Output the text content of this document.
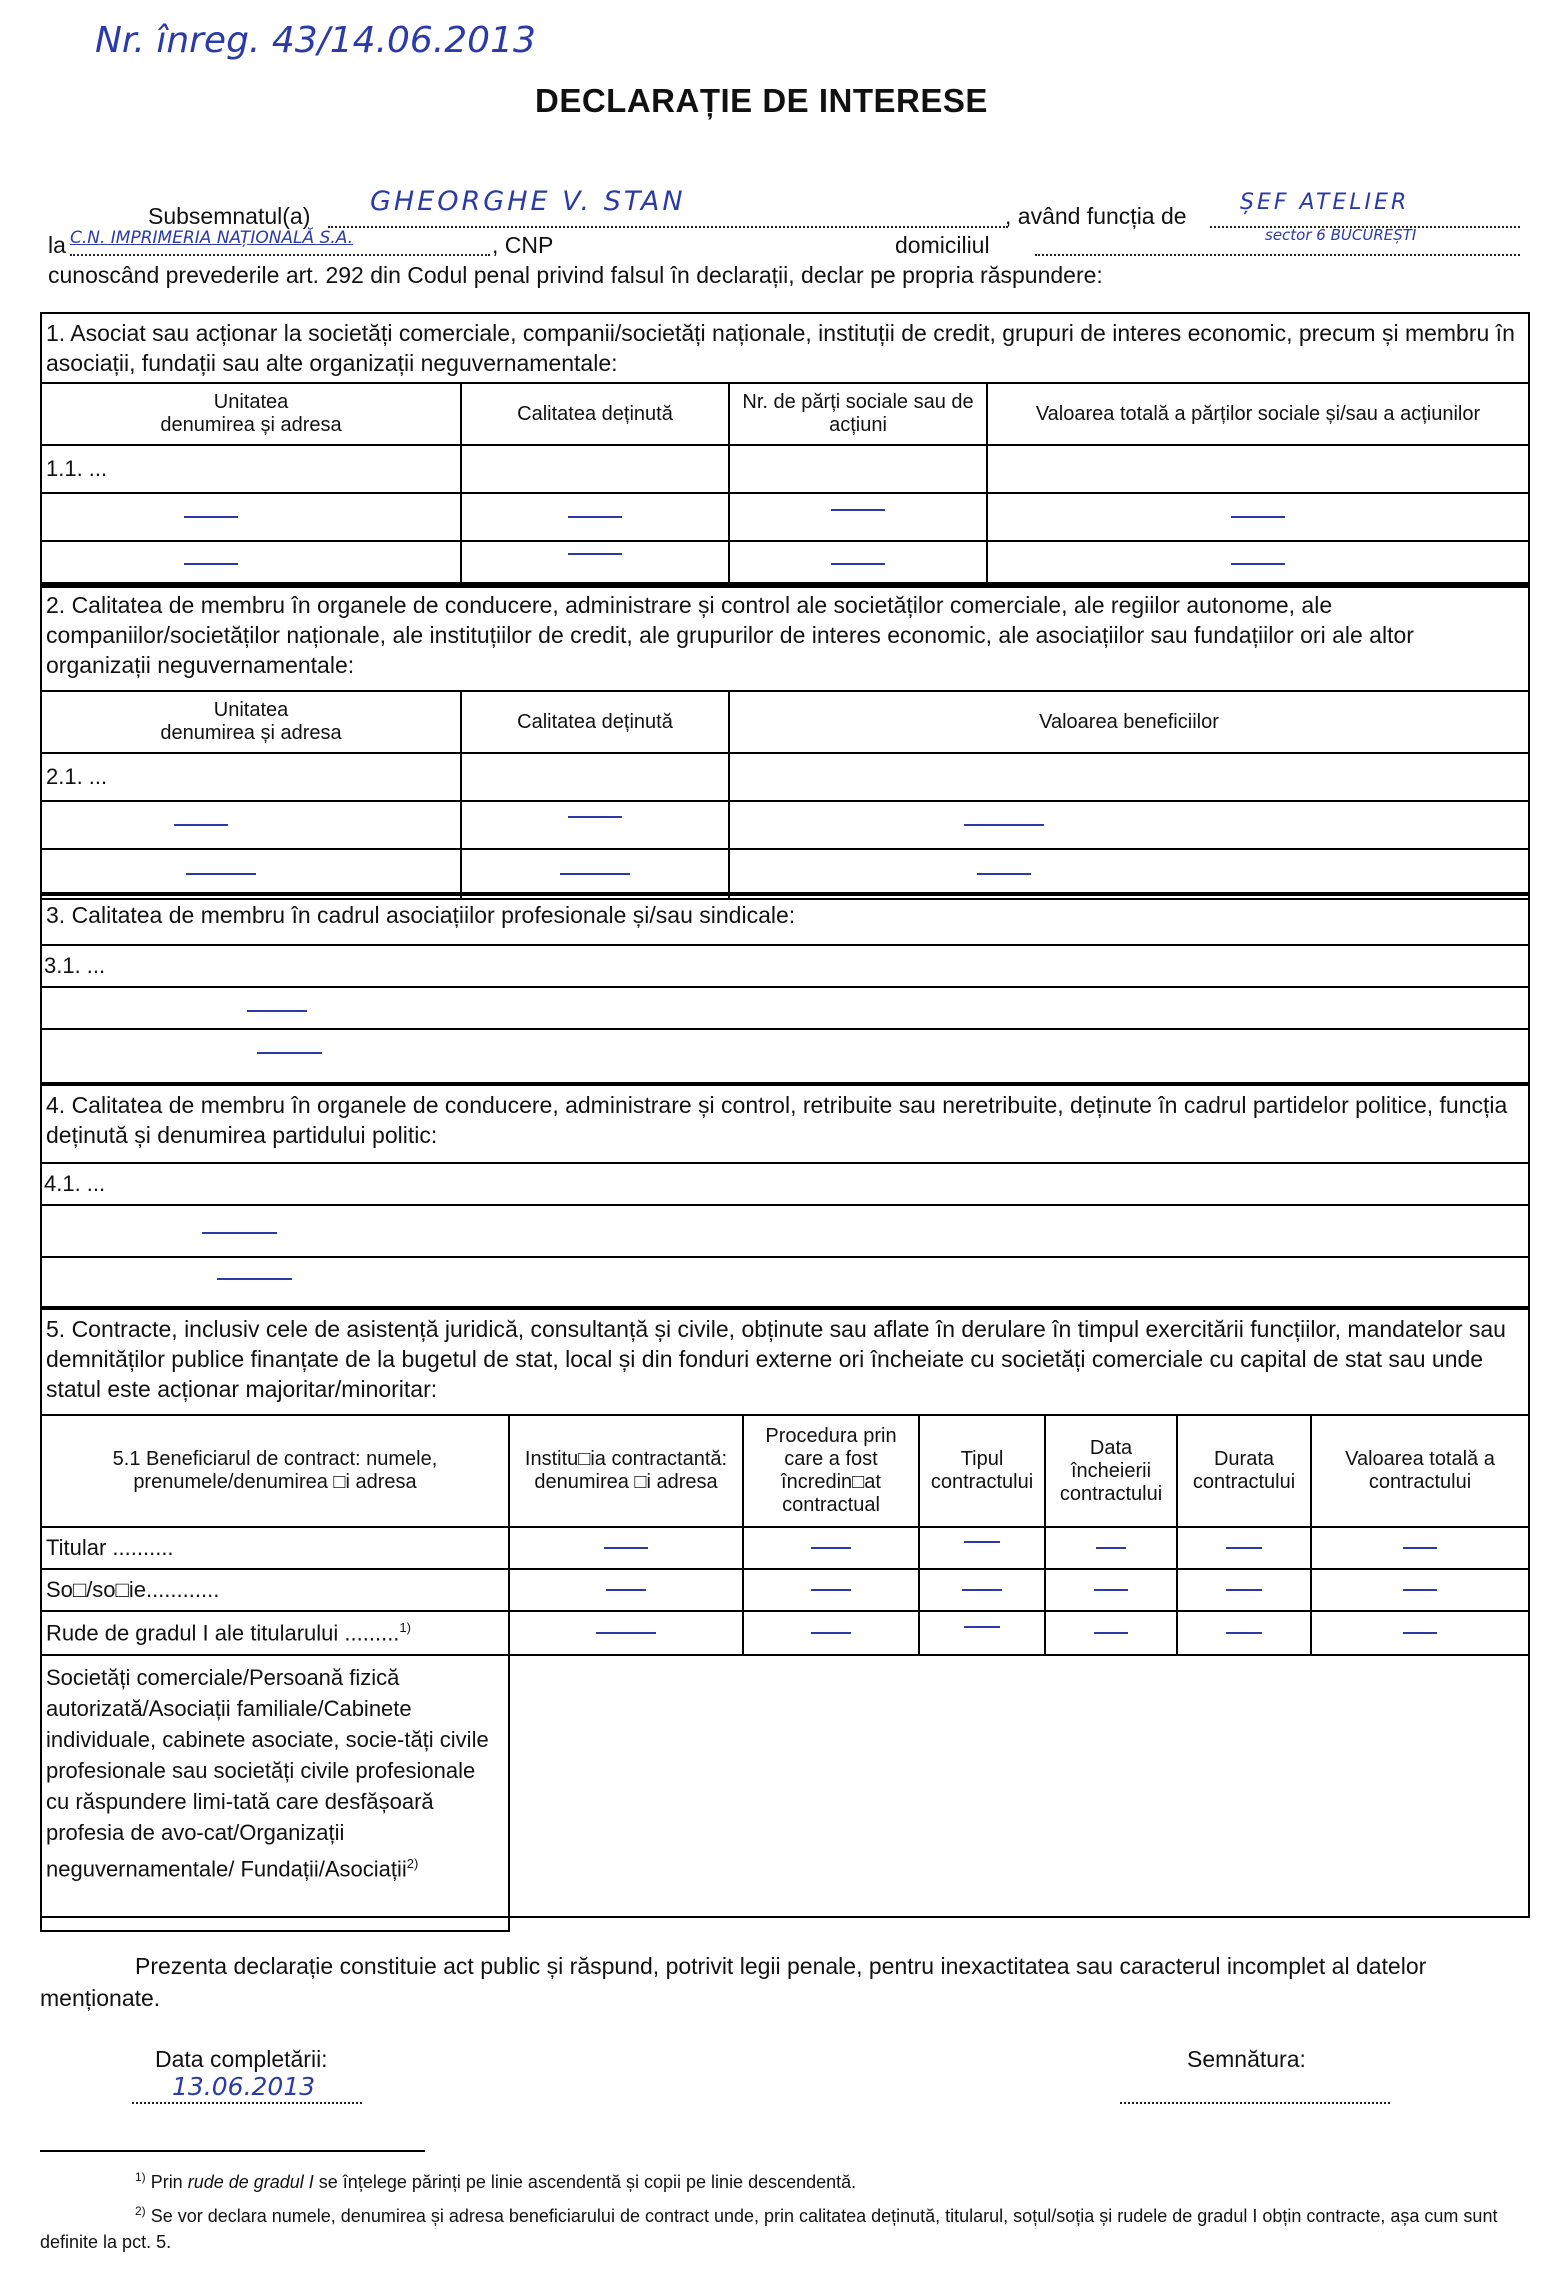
Nr. înreg. 43/14.06.2013
DECLARAȚIE DE INTERESE
Subsemnatul(a) GHEORGHE V. STAN	, având funcția de
ȘEF ATELIER
la C.N. IMPRIMERIA NAȚIONALĂ S.A.	, CNP	domiciliul	sector 6 BUCUREȘTI
cunoscând prevederile art. 292 din Codul penal privind falsul în declarații, declar pe propria răspundere:
1. Asociat sau acționar la societăți comerciale, companii/societăți naționale, instituții de credit, grupuri de interes economic, precum și membru în asociații, fundații sau alte organizații neguvernamentale:
Unitatea
denumirea și adresa	Calitatea deținută	Nr. de părți sociale sau de acțiuni	Valoarea totală a părților sociale și/sau a acțiunilor
1.1. ...			

2. Calitatea de membru în organele de conducere, administrare și control ale societăților comerciale, ale regiilor autonome, ale companiilor/societăților naționale, ale instituțiilor de credit, ale grupurilor de interes economic, ale asociațiilor sau fundațiilor ori ale altor organizații neguvernamentale:
Unitatea
denumirea și adresa	Calitatea deținută	Valoarea beneficiilor
2.1. ...		

3. Calitatea de membru în cadrul asociațiilor profesionale și/sau sindicale:
3.1. ...
4. Calitatea de membru în organele de conducere, administrare și control, retribuite sau neretribuite, deținute în cadrul partidelor politice, funcția deținută și denumirea partidului politic:
4.1. ...
5. Contracte, inclusiv cele de asistență juridică, consultanță și civile, obținute sau aflate în derulare în timpul exercitării funcțiilor, mandatelor sau demnităților publice finanțate de la bugetul de stat, local și din fonduri externe ori încheiate cu societăți comerciale cu capital de stat sau unde statul este acționar majoritar/minoritar:
5.1 Beneficiarul de contract: numele, prenumele/denumirea □i adresa	Institu□ia contractantă: denumirea □i adresa	Procedura prin care a fost încredin□at contractual	Tipul contractului	Data încheierii contractului	Durata contractului	Valoarea totală a contractului
Titular ..........						
So□/so□ie............						
Rude de gradul I ale titularului .........$^{1)}$						
Societăți comerciale/Persoană fizică autorizată/Asociații familiale/Cabinete individuale, cabinete asociate, socie-tăți civile profesionale sau societăți civile profesionale cu răspundere limi-tată care desfășoară profesia de avo-cat/Organizații neguvernamentale/ Fundații/Asociații$^{2)}$						
Prezenta declarație constituie act public și răspund, potrivit legii penale, pentru inexactitatea sau caracterul incomplet al datelor menționate.
Data completării:
13.06.2013
Semnătura:
$^{1)}$ Prin rude de gradul I se înțelege părinți pe linie ascendentă și copii pe linie descendentă.
$^{2)}$ Se vor declara numele, denumirea și adresa beneficiarului de contract unde, prin calitatea deținută, titularul, soțul/soția și rudele de gradul I obțin contracte, așa cum sunt definite la pct. 5.
